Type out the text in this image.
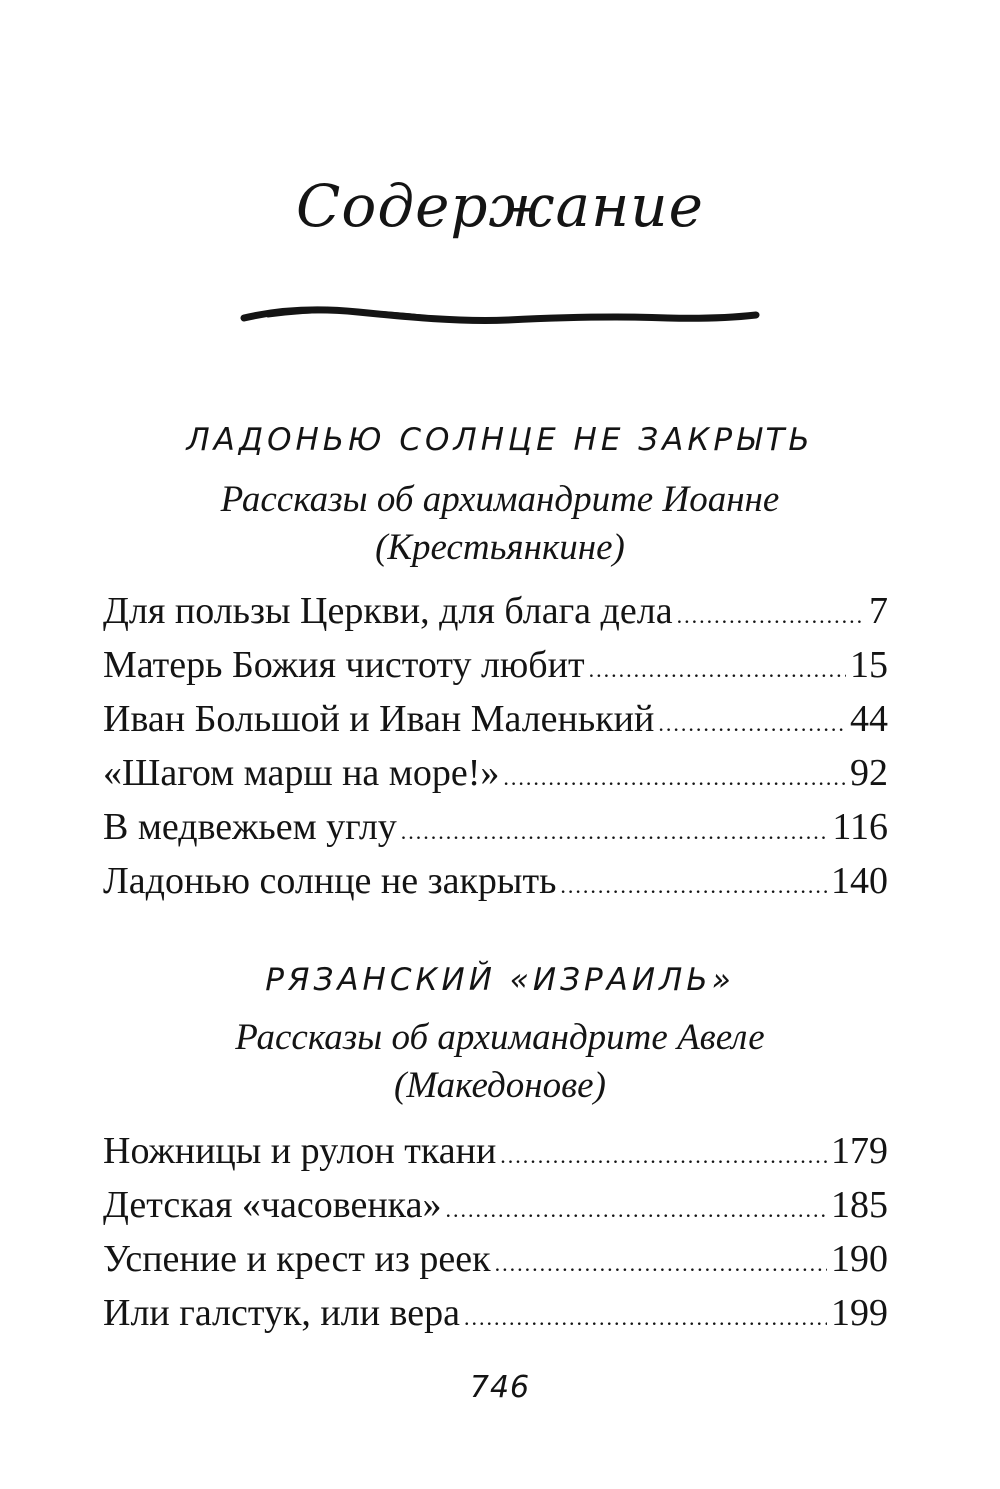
Содержание
ЛАДОНЬЮ СОЛНЦЕ НЕ ЗАКРЫТЬ
Рассказы об архимандрите Иоанне
(Крестьянкине)
Для пользы Церкви, для блага дела .....	7
Матерь Божия чистоту любит .....	15
Иван Большой и Иван Маленький .....	44
«Шагом марш на море!» .....	92
В медвежьем углу .....	116
Ладонью солнце не закрыть .....	140
РЯЗАНСКИЙ «ИЗРАИЛЬ»
Рассказы об архимандрите Авеле
(Македонове)
Ножницы и рулон ткани .....	179
Детская «часовенка» .....	185
Успение и крест из реек .....	190
Или галстук, или вера .....	199
746
